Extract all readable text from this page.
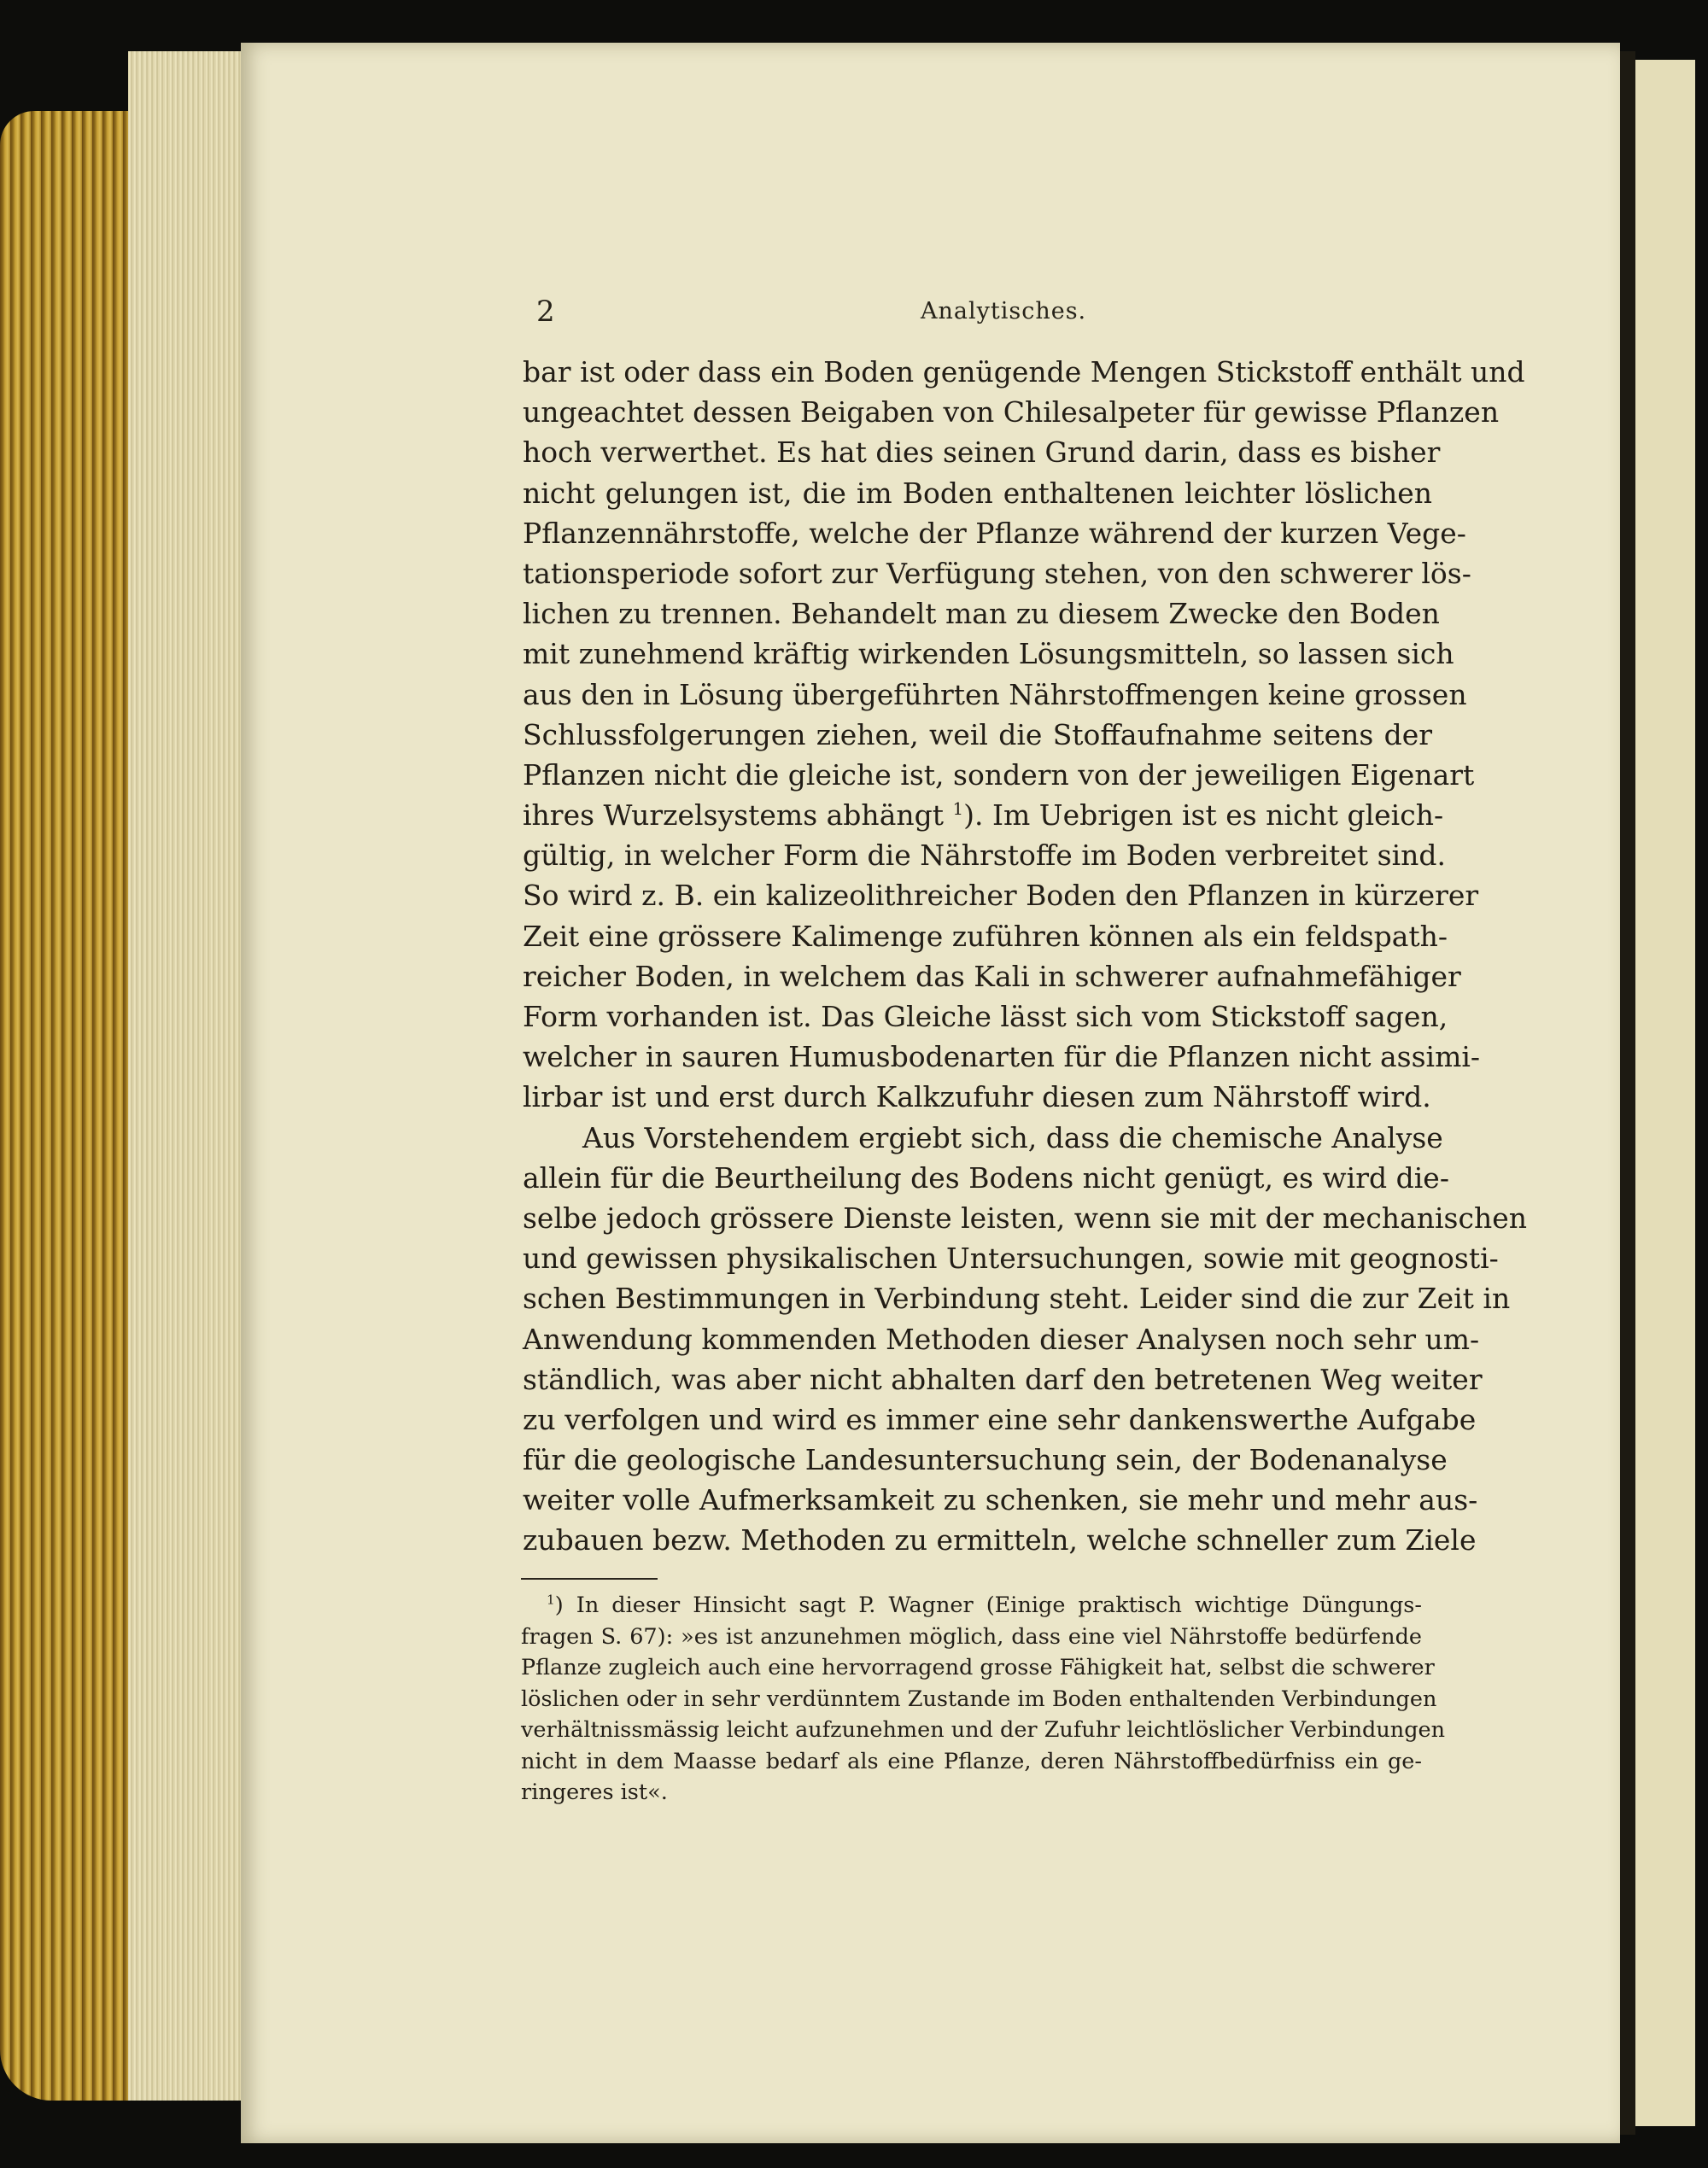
2	Analytisches.
bar ist oder dass ein Boden genügende Mengen Stickstoff enthält und
ungeachtet dessen Beigaben von Chilesalpeter für gewisse Pflanzen
hoch verwerthet. Es hat dies seinen Grund darin, dass es bisher
nicht gelungen ist, die im Boden enthaltenen leichter löslichen
Pflanzennährstoffe, welche der Pflanze während der kurzen Vege-
tationsperiode sofort zur Verfügung stehen, von den schwerer lös-
lichen zu trennen. Behandelt man zu diesem Zwecke den Boden
mit zunehmend kräftig wirkenden Lösungsmitteln, so lassen sich
aus den in Lösung übergeführten Nährstoffmengen keine grossen
Schlussfolgerungen ziehen, weil die Stoffaufnahme seitens der
Pflanzen nicht die gleiche ist, sondern von der jeweiligen Eigenart
ihres Wurzelsystems abhängt $^1$). Im Uebrigen ist es nicht gleich-
gültig, in welcher Form die Nährstoffe im Boden verbreitet sind.
So wird z. B. ein kalizeolithreicher Boden den Pflanzen in kürzerer
Zeit eine grössere Kalimenge zuführen können als ein feldspath-
reicher Boden, in welchem das Kali in schwerer aufnahmefähiger
Form vorhanden ist. Das Gleiche lässt sich vom Stickstoff sagen,
welcher in sauren Humusbodenarten für die Pflanzen nicht assimi-
lirbar ist und erst durch Kalkzufuhr diesen zum Nährstoff wird.
Aus Vorstehendem ergiebt sich, dass die chemische Analyse
allein für die Beurtheilung des Bodens nicht genügt, es wird die-
selbe jedoch grössere Dienste leisten, wenn sie mit der mechanischen
und gewissen physikalischen Untersuchungen, sowie mit geognosti-
schen Bestimmungen in Verbindung steht. Leider sind die zur Zeit in
Anwendung kommenden Methoden dieser Analysen noch sehr um-
ständlich, was aber nicht abhalten darf den betretenen Weg weiter
zu verfolgen und wird es immer eine sehr dankenswerthe Aufgabe
für die geologische Landesuntersuchung sein, der Bodenanalyse
weiter volle Aufmerksamkeit zu schenken, sie mehr und mehr aus-
zubauen bezw. Methoden zu ermitteln, welche schneller zum Ziele
$^1$) In dieser Hinsicht sagt P. Wagner (Einige praktisch wichtige Düngungs-
fragen S. 67): »es ist anzunehmen möglich, dass eine viel Nährstoffe bedürfende
Pflanze zugleich auch eine hervorragend grosse Fähigkeit hat, selbst die schwerer
löslichen oder in sehr verdünntem Zustande im Boden enthaltenden Verbindungen
verhältnissmässig leicht aufzunehmen und der Zufuhr leichtlöslicher Verbindungen
nicht in dem Maasse bedarf als eine Pflanze, deren Nährstoffbedürfniss ein ge-
ringeres ist«.
